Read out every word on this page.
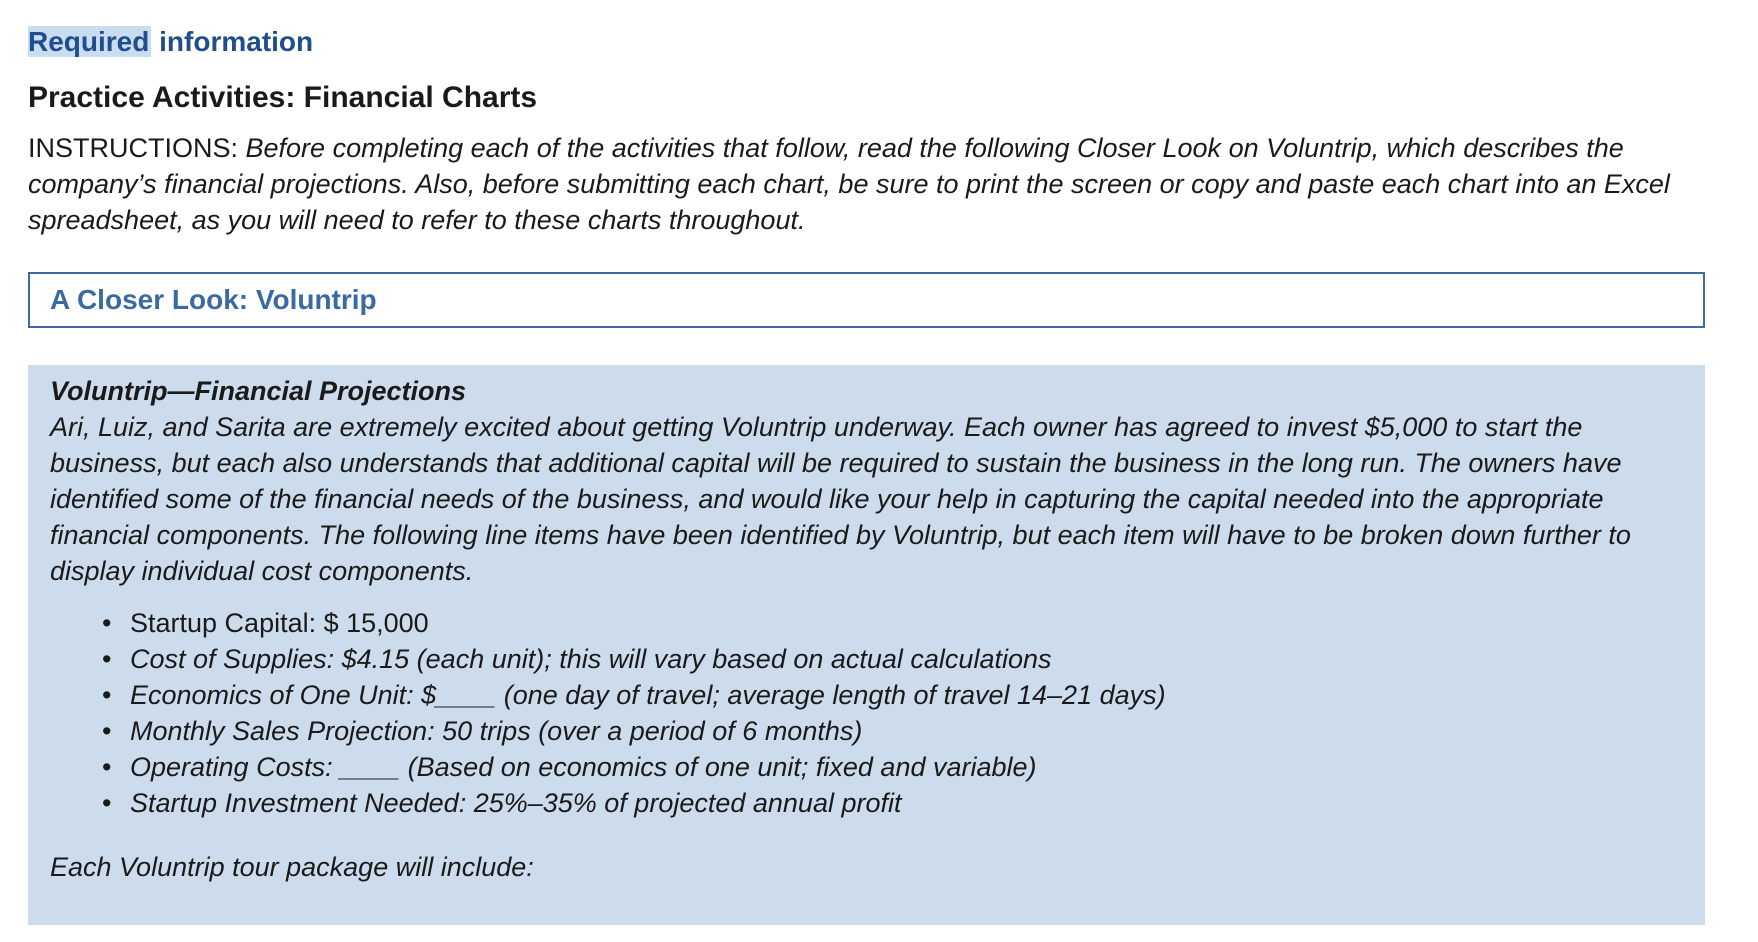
Required information
Practice Activities: Financial Charts
INSTRUCTIONS: Before completing each of the activities that follow, read the following Closer Look on Voluntrip, which describes the company’s financial projections. Also, before submitting each chart, be sure to print the screen or copy and paste each chart into an Excel spreadsheet, as you will need to refer to these charts throughout.
A Closer Look: Voluntrip
Voluntrip—Financial Projections
Ari, Luiz, and Sarita are extremely excited about getting Voluntrip underway. Each owner has agreed to invest $5,000 to start the business, but each also understands that additional capital will be required to sustain the business in the long run. The owners have identified some of the financial needs of the business, and would like your help in capturing the capital needed into the appropriate financial components. The following line items have been identified by Voluntrip, but each item will have to be broken down further to display individual cost components.
• Startup Capital: $ 15,000
• Cost of Supplies: $4.15 (each unit); this will vary based on actual calculations
• Economics of One Unit: $____ (one day of travel; average length of travel 14–21 days)
• Monthly Sales Projection: 50 trips (over a period of 6 months)
• Operating Costs: ____ (Based on economics of one unit; fixed and variable)
• Startup Investment Needed: 25%–35% of projected annual profit
Each Voluntrip tour package will include:
